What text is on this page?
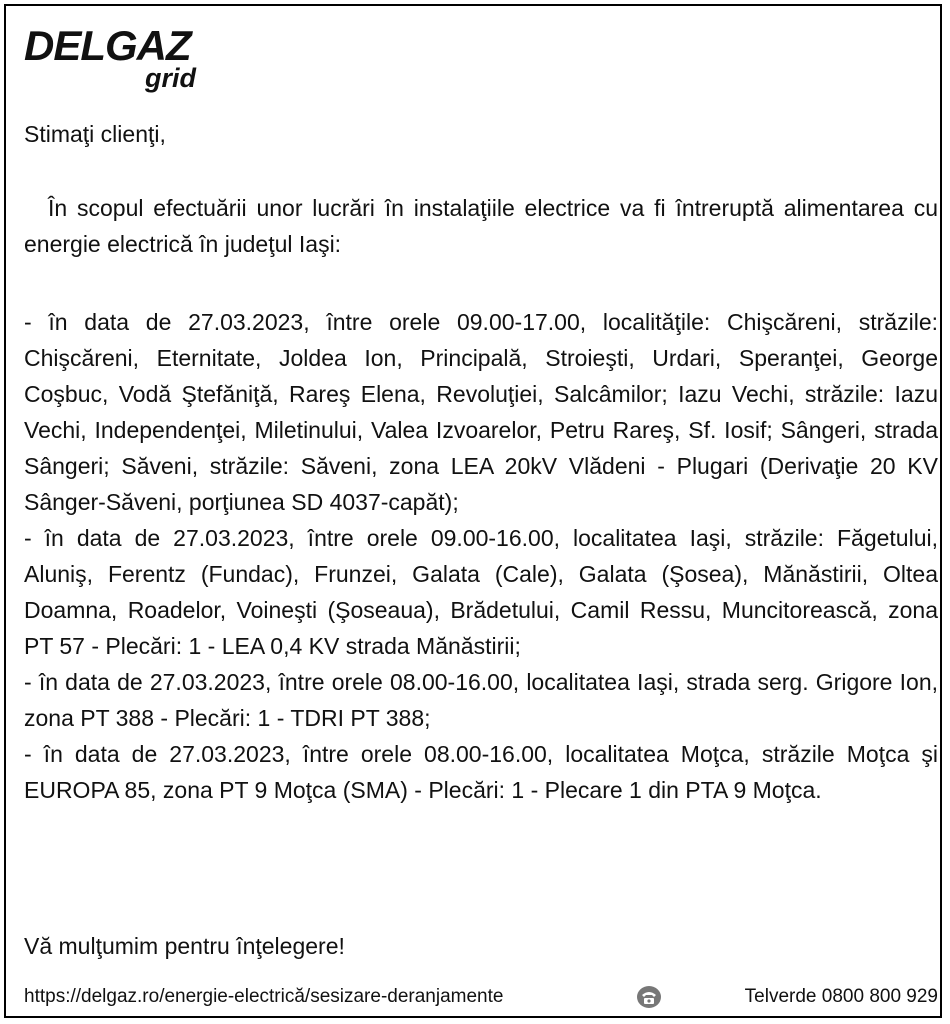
DELGAZ
grid
Stimaţi clienţi,
În scopul efectuării unor lucrări în instalaţiile electrice va fi întreruptă alimentarea cu energie electrică în judeţul Iaşi:

- în data de 27.03.2023, între orele 09.00-17.00, localităţile: Chişcăreni, străzile: Chişcăreni, Eternitate, Joldea Ion, Principală, Stroieşti, Urdari, Speranţei, George Coşbuc, Vodă Ştefăniţă, Rareş Elena, Revoluţiei, Salcâmilor; Iazu Vechi, străzile: Iazu Vechi, Independenţei, Miletinului, Valea Izvoarelor, Petru Rareş, Sf. Iosif; Sângeri, strada Sângeri; Săveni, străzile: Săveni, zona LEA 20kV Vlădeni - Plugari (Derivaţie 20 KV Sânger-Săveni, porţiunea SD 4037-capăt);

- în data de 27.03.2023, între orele 09.00-16.00, localitatea Iaşi, străzile: Făgetului, Aluniş, Ferentz (Fundac), Frunzei, Galata (Cale), Galata (Şosea), Mănăstirii, Oltea Doamna, Roadelor, Voineşti (Şoseaua), Brădetului, Camil Ressu, Muncitorească, zona PT 57 - Plecări: 1 - LEA 0,4 KV strada Mănăstirii;

- în data de 27.03.2023, între orele 08.00-16.00, localitatea Iaşi, strada serg. Grigore Ion, zona PT 388 - Plecări: 1 - TDRI PT 388;

- în data de 27.03.2023, între orele 08.00-16.00, localitatea Moţca, străzile Moţca şi EUROPA 85, zona PT 9 Moţca (SMA) - Plecări: 1 - Plecare 1 din PTA 9 Moţca.

Vă mulţumim pentru înţelegere!
https://delgaz.ro/energie-electrică/sesizare-deranjamente	Telverde 0800 800 929
